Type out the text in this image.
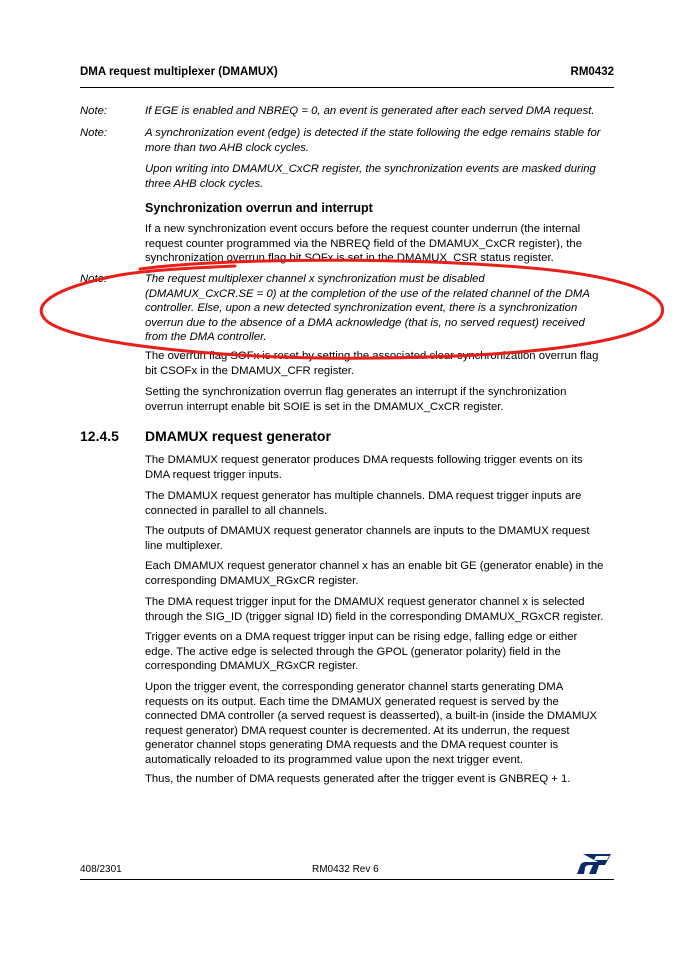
DMA request multiplexer (DMAMUX)	RM0432
Note:	If EGE is enabled and NBREQ = 0, an event is generated after each served DMA request.
Note:	A synchronization event (edge) is detected if the state following the edge remains stable for
more than two AHB clock cycles.
Upon writing into DMAMUX_CxCR register, the synchronization events are masked during
three AHB clock cycles.
Synchronization overrun and interrupt
If a new synchronization event occurs before the request counter underrun (the internal
request counter programmed via the NBREQ field of the DMAMUX_CxCR register), the
synchronization overrun flag bit SOFx is set in the DMAMUX_CSR status register.
Note:	The request multiplexer channel x synchronization must be disabled
(DMAMUX_CxCR.SE = 0) at the completion of the use of the related channel of the DMA
controller. Else, upon a new detected synchronization event, there is a synchronization
overrun due to the absence of a DMA acknowledge (that is, no served request) received
from the DMA controller.
The overrun flag SOFx is reset by setting the associated clear synchronization overrun flag
bit CSOFx in the DMAMUX_CFR register.
Setting the synchronization overrun flag generates an interrupt if the synchronization
overrun interrupt enable bit SOIE is set in the DMAMUX_CxCR register.
12.4.5 DMAMUX request generator
The DMAMUX request generator produces DMA requests following trigger events on its
DMA request trigger inputs.
The DMAMUX request generator has multiple channels. DMA request trigger inputs are
connected in parallel to all channels.
The outputs of DMAMUX request generator channels are inputs to the DMAMUX request
line multiplexer.
Each DMAMUX request generator channel x has an enable bit GE (generator enable) in the
corresponding DMAMUX_RGxCR register.
The DMA request trigger input for the DMAMUX request generator channel x is selected
through the SIG_ID (trigger signal ID) field in the corresponding DMAMUX_RGxCR register.
Trigger events on a DMA request trigger input can be rising edge, falling edge or either
edge. The active edge is selected through the GPOL (generator polarity) field in the
corresponding DMAMUX_RGxCR register.
Upon the trigger event, the corresponding generator channel starts generating DMA
requests on its output. Each time the DMAMUX generated request is served by the
connected DMA controller (a served request is deasserted), a built-in (inside the DMAMUX
request generator) DMA request counter is decremented. At its underrun, the request
generator channel stops generating DMA requests and the DMA request counter is
automatically reloaded to its programmed value upon the next trigger event.
Thus, the number of DMA requests generated after the trigger event is GNBREQ + 1.
408/2301	RM0432 Rev 6
